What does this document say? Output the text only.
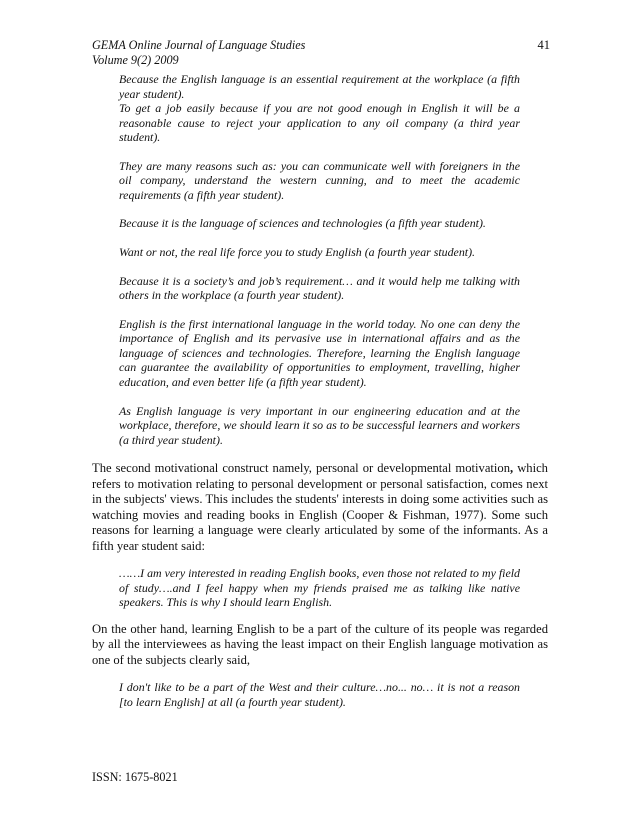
GEMA Online Journal of Language Studies
Volume 9(2) 2009
41

Because the English language is an essential requirement at the workplace (a fifth year student).

To get a job easily because if you are not good enough in English it will be a reasonable cause to reject your application to any oil company (a third year student).

They are many reasons such as: you can communicate well with foreigners in the oil company, understand the western cunning, and to meet the academic requirements (a fifth year student).

Because it is the language of sciences and technologies (a fifth year student).

Want or not, the real life force you to study English (a fourth year student).

Because it is a society’s and job’s requirement… and it would help me talking with others in the workplace (a fourth year student).

English is the first international language in the world today. No one can deny the importance of English and its pervasive use in international affairs and as the language of sciences and technologies. Therefore, learning the English language can guarantee the availability of opportunities to employment, travelling, higher education, and even better life (a fifth year student).

As English language is very important in our engineering education and at the workplace, therefore, we should learn it so as to be successful learners and workers (a third year student).

The second motivational construct namely, personal or developmental motivation, which refers to motivation relating to personal development or personal satisfaction, comes next in the subjects' views. This includes the students' interests in doing some activities such as watching movies and reading books in English (Cooper & Fishman, 1977). Some such reasons for learning a language were clearly articulated by some of the informants. As a fifth year student said:

……I am very interested in reading English books, even those not related to my field of study….and I feel happy when my friends praised me as talking like native speakers. This is why I should learn English.

On the other hand, learning English to be a part of the culture of its people was regarded by all the interviewees as having the least impact on their English language motivation as one of the subjects clearly said,

I don't like to be a part of the West and their culture…no... no… it is not a reason [to learn English] at all (a fourth year student).

ISSN: 1675-8021
